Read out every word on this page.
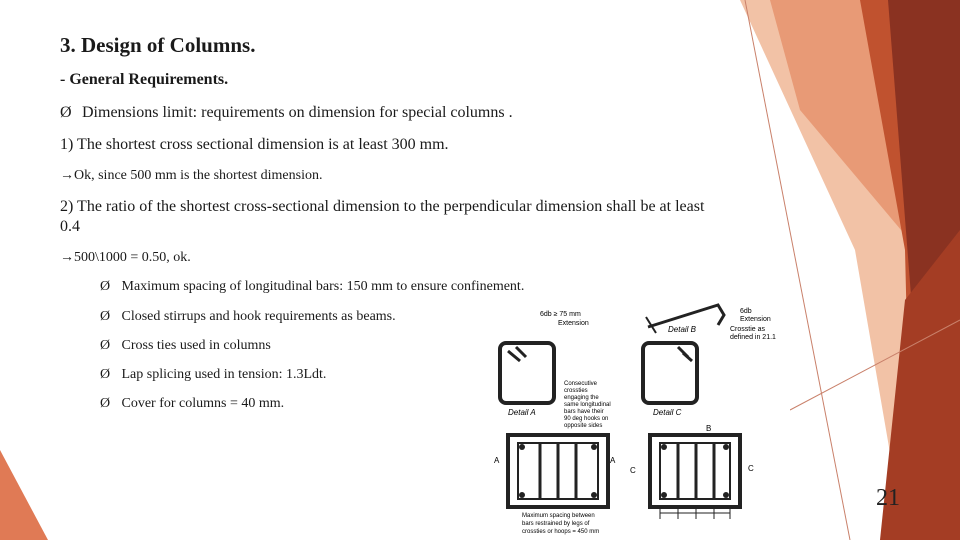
3. Design of Columns.
- General Requirements.
Ø Dimensions limit: requirements on dimension for special columns .
1) The shortest cross sectional dimension is at least 300 mm.
→Ok, since 500 mm is the shortest dimension.
2) The ratio of the shortest cross-sectional dimension to the perpendicular dimension shall be at least 0.4
→500\1000 = 0.50, ok.
Ø Maximum spacing of longitudinal bars: 150 mm to ensure confinement.
Ø Closed stirrups and hook requirements as beams.
Ø Cross ties used in columns
Ø Lap splicing used in tension: 1.3Ldt.
Ø Cover for columns = 40 mm.
6db ≥ 75 mm
Extension
Detail B
6db
Extension
Crosstie as
defined in 21.1
Detail A	Detail C
Consecutive
crossties
engaging the
same longitudinal
bars have their
90 deg hooks on
opposite sides
A	A
B
C	C
Maximum spacing between
bars restrained by legs of
crossties or hoops = 450 mm
21
